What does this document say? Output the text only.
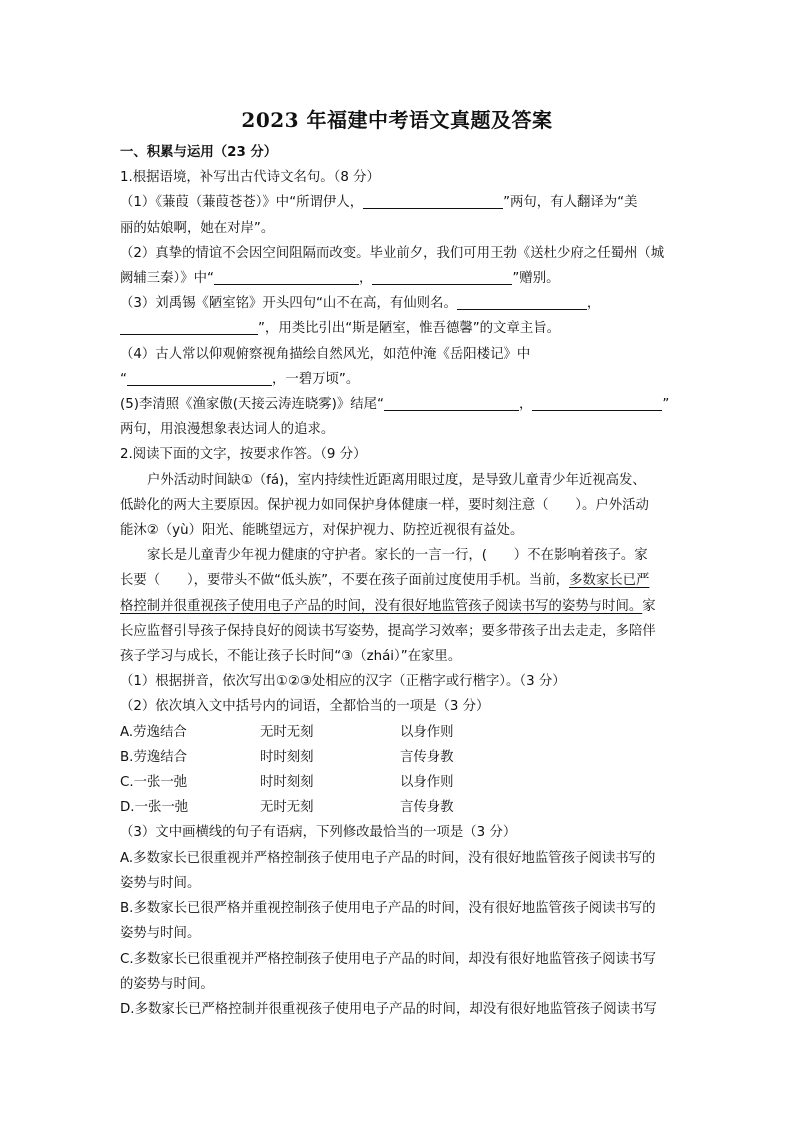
2023 年福建中考语文真题及答案

一、积累与运用（23 分）

1.根据语境，补写出古代诗文名句。（8 分）

（1）《蒹葭（蒹葭苍苍）》中“所谓伊人，	”两句，有人翻译为“美

丽的姑娘啊，她在对岸”。

（2）真挚的情谊不会因空间阻隔而改变。毕业前夕，我们可用王勃《送杜少府之任蜀州（城

阙辅三秦）》中“	，	”赠别。

（3）刘禹锡《陋室铭》开头四句“山不在高，有仙则名。	，

”，用类比引出“斯是陋室，惟吾德馨”的文章主旨。

（4）古人常以仰观俯察视角描绘自然风光，如范仲淹《岳阳楼记》中

“	，一碧万顷”。

(5)李清照《渔家傲(天接云涛连晓雾)》结尾“	，	”

两句，用浪漫想象表达词人的追求。

2.阅读下面的文字，按要求作答。（9 分）

户外活动时间缺①（fá)，室内持续性近距离用眼过度，是导致儿童青少年近视高发、

低龄化的两大主要原因。保护视力如同保护身体健康一样，要时刻注意（　　）。户外活动

能沐②（yù）阳光、能眺望远方，对保护视力、防控近视很有益处。

家长是儿童青少年视力健康的守护者。家长的一言一行，(　　）不在影响着孩子。家

长要（　　），要带头不做“低头族”，不要在孩子面前过度使用手机。当前，多数家长已严

格控制并很重视孩子使用电子产品的时间，没有很好地监管孩子阅读书写的姿势与时间。家

长应监督引导孩子保持良好的阅读书写姿势，提高学习效率；要多带孩子出去走走，多陪伴

孩子学习与成长，不能让孩子长时间“③（zhái）”在家里。

（1）根据拼音，依次写出①②③处相应的汉字（正楷字或行楷字）。（3 分）

（2）依次填入文中括号内的词语，全都恰当的一项是（3 分）

A.劳逸结合	无时无刻	以身作则
B.劳逸结合	时时刻刻	言传身教
C.一张一弛	时时刻刻	以身作则
D.一张一弛	无时无刻	言传身教

（3）文中画横线的句子有语病，下列修改最恰当的一项是（3 分）

A.多数家长已很重视并严格控制孩子使用电子产品的时间，没有很好地监管孩子阅读书写的

姿势与时间。

B.多数家长已很严格并重视控制孩子使用电子产品的时间，没有很好地监管孩子阅读书写的

姿势与时间。

C.多数家长已很重视并严格控制孩子使用电子产品的时间，却没有很好地监管孩子阅读书写

的姿势与时间。

D.多数家长已严格控制并很重视孩子使用电子产品的时间，却没有很好地监管孩子阅读书写
